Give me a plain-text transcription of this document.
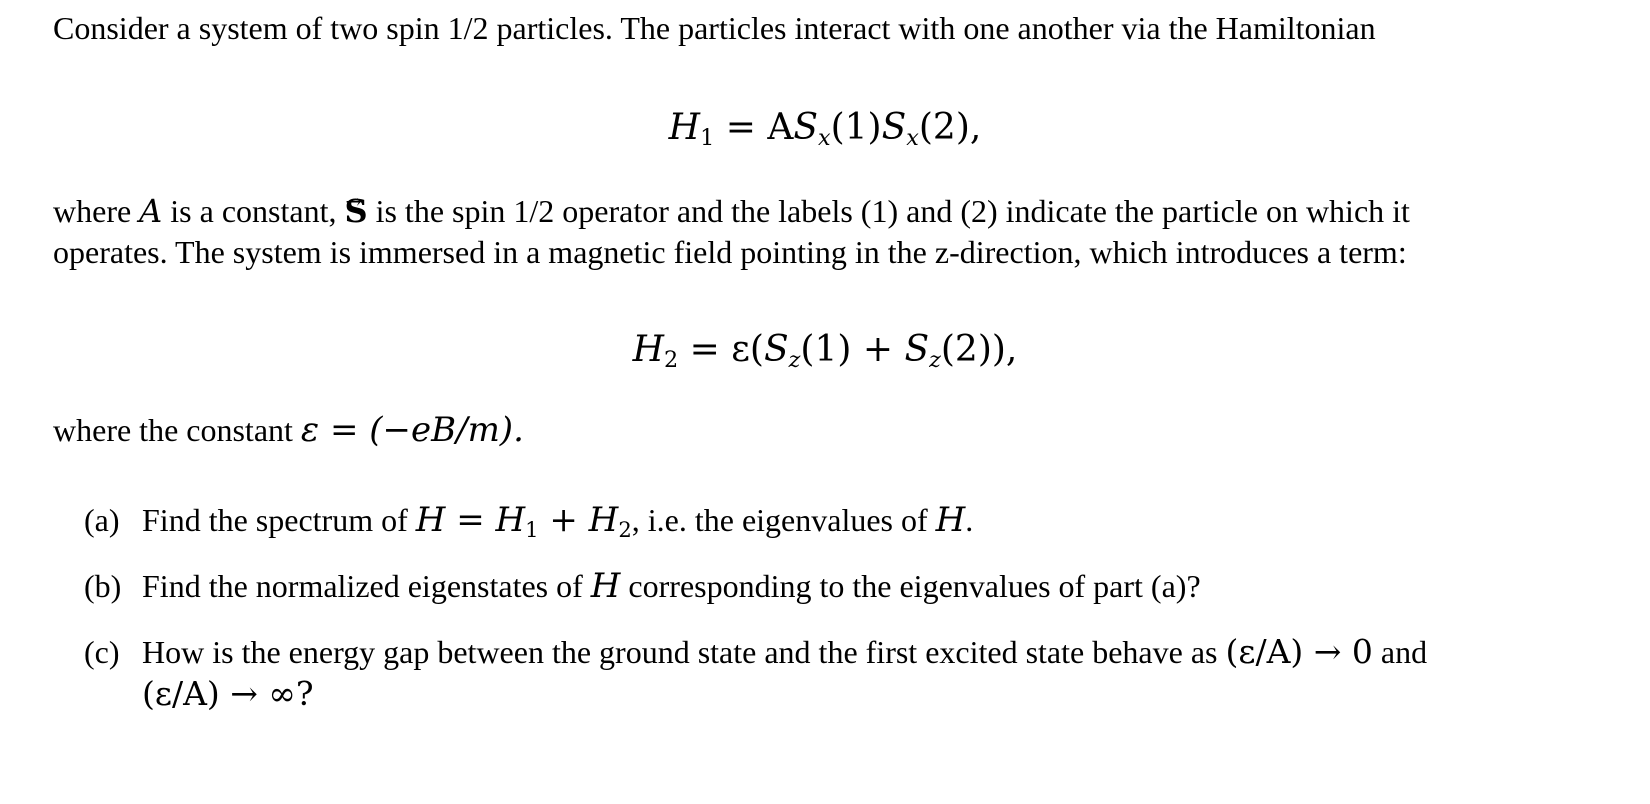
Consider a system of two spin 1/2 particles. The particles interact with one another via the Hamiltonian

$H_1 = AS_x(1)S_x(2)$,
where A is a constant, → S is the spin 1/2 operator and the labels (1) and (2) indicate the particle on which it
operates. The system is immersed in a magnetic field pointing in the z-direction, which introduces a term:
$H_2 = \varepsilon(S_z(1) + S_z(2))$,
where the constant ε = (−eB/m).
(a) Find the spectrum of $H = H_1 + H_2$, i.e. the eigenvalues of H.
(b) Find the normalized eigenstates of H corresponding to the eigenvalues of part (a)?
(c) How is the energy gap between the ground state and the first excited state behave as (ε/A) → 0 and
(ε/A) → ∞?
